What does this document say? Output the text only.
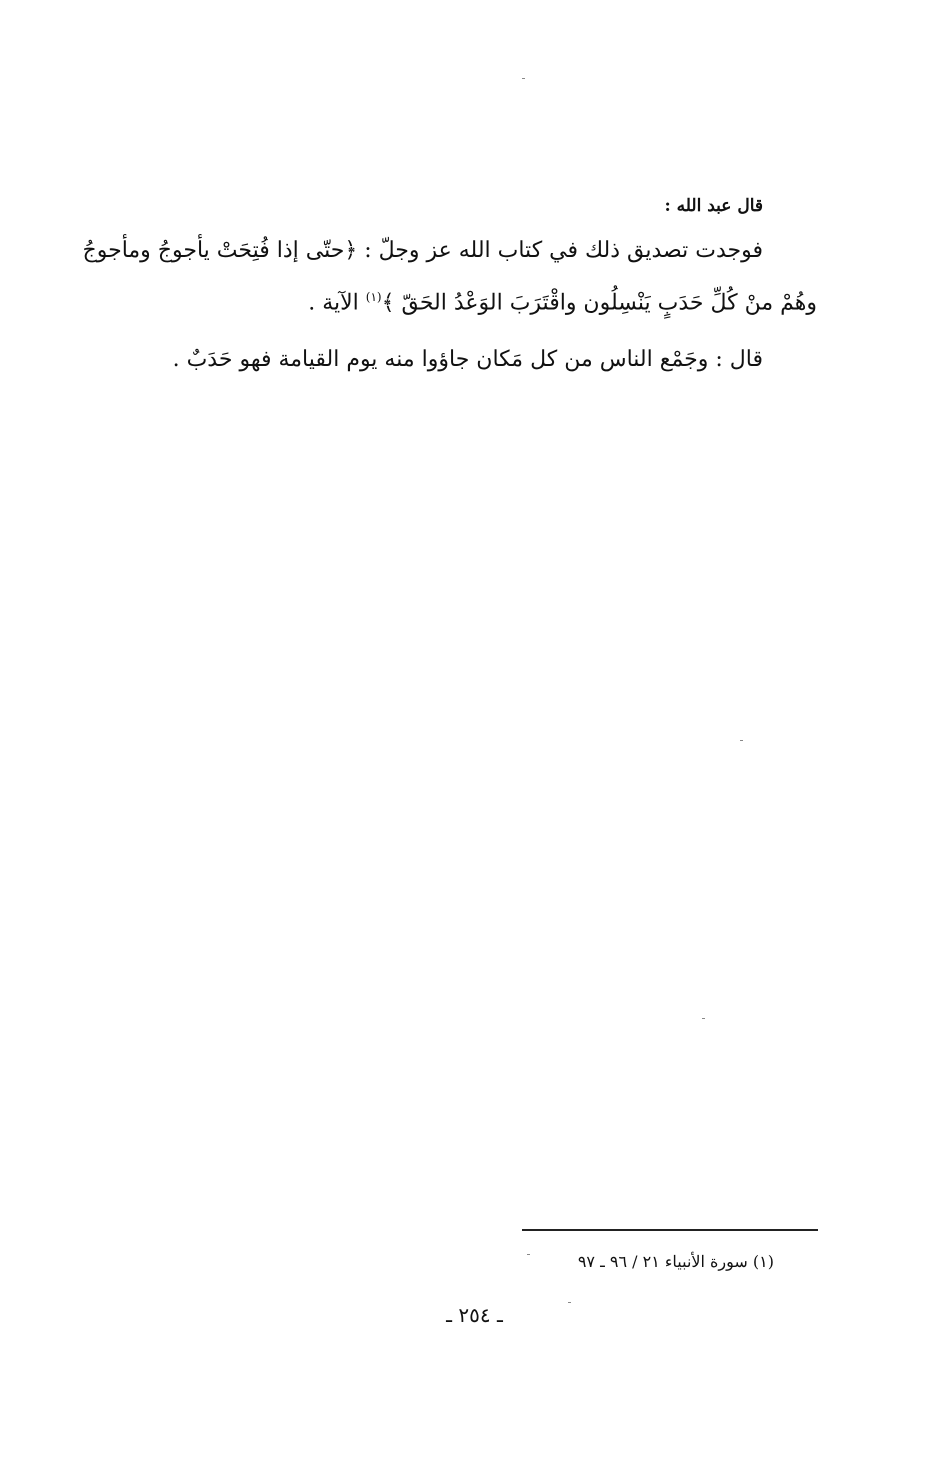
قال عبد الله :
فوجدت تصديق ذلك في كتاب الله عز وجلّ : ﴿حتّى إذا فُتِحَتْ يأجوجُ ومأجوجُ
وهُمْ منْ كُلِّ حَدَبٍ يَنْسِلُون واقْتَرَبَ الوَعْدُ الحَقّ ﴾$^{(١)}$ الآية .
قال : وجَمْع الناس من كل مَكان جاؤوا منه يوم القيامة فهو حَدَبٌ .
(١) سورة الأنبياء ٢١ / ٩٦ ـ ٩٧
ـ ٢٥٤ ـ
